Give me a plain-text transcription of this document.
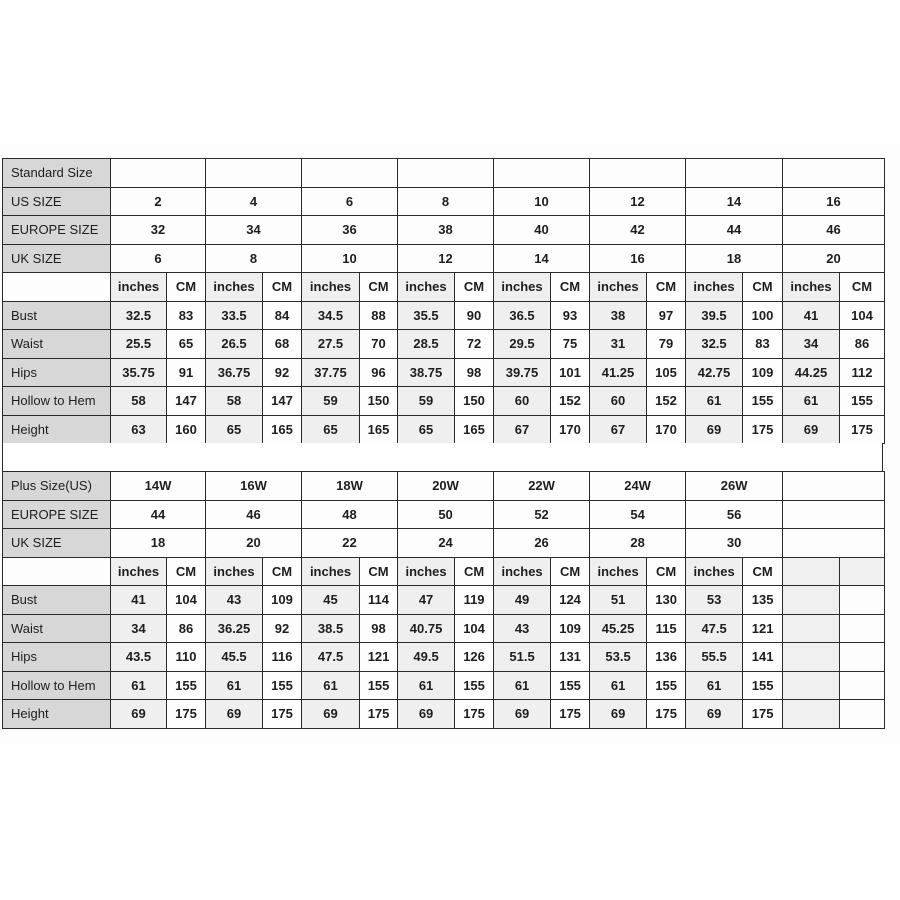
Standard Size																
US SIZE	2		4		6		8		10		12		14		16	
EUROPE SIZE	32		34		36		38		40		42		44		46	
UK SIZE	6		8		10		12		14		16		18		20	
	inches	CM	inches	CM	inches	CM	inches	CM	inches	CM	inches	CM	inches	CM	inches	CM
Bust	32.5	83	33.5	84	34.5	88	35.5	90	36.5	93	38	97	39.5	100	41	104
Waist	25.5	65	26.5	68	27.5	70	28.5	72	29.5	75	31	79	32.5	83	34	86
Hips	35.75	91	36.75	92	37.75	96	38.75	98	39.75	101	41.25	105	42.75	109	44.25	112
Hollow to Hem	58	147	58	147	59	150	59	150	60	152	60	152	61	155	61	155
Height	63	160	65	165	65	165	65	165	67	170	67	170	69	175	69	175
Plus Size(US)	14W		16W		18W		20W		22W		24W		26W			
EUROPE SIZE	44		46		48		50		52		54		56			
UK SIZE	18		20		22		24		26		28		30			
	inches	CM	inches	CM	inches	CM	inches	CM	inches	CM	inches	CM	inches	CM		
Bust	41	104	43	109	45	114	47	119	49	124	51	130	53	135		
Waist	34	86	36.25	92	38.5	98	40.75	104	43	109	45.25	115	47.5	121		
Hips	43.5	110	45.5	116	47.5	121	49.5	126	51.5	131	53.5	136	55.5	141		
Hollow to Hem	61	155	61	155	61	155	61	155	61	155	61	155	61	155		
Height	69	175	69	175	69	175	69	175	69	175	69	175	69	175		
